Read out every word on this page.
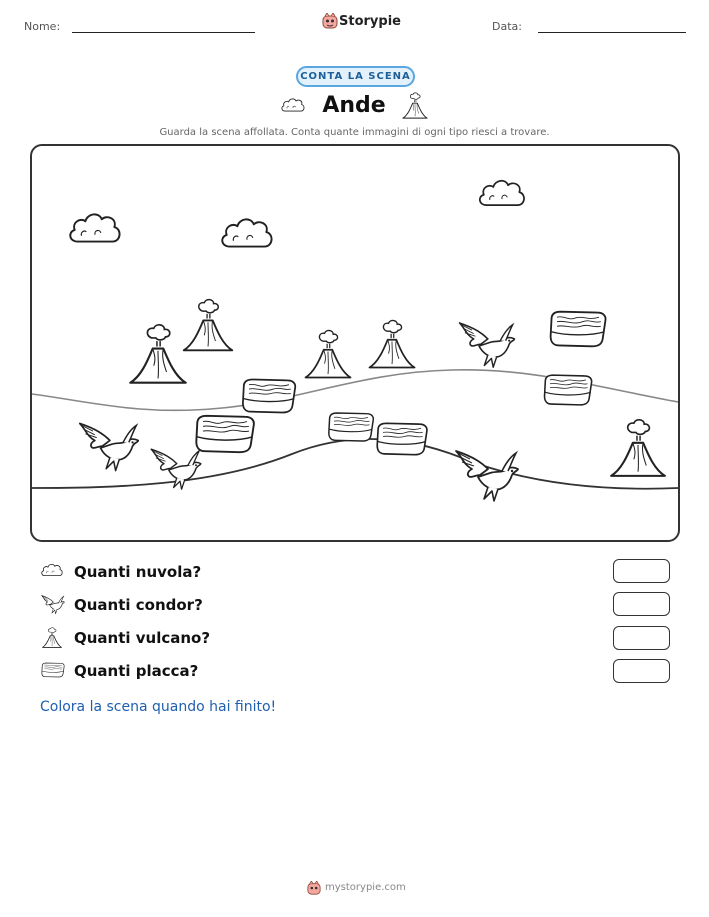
Nome:	Storypie	Data:
CONTA LA SCENA
Ande
Guarda la scena affollata. Conta quante immagini di ogni tipo riesci a trovare.
Quanti nuvola?
Quanti condor?
Quanti vulcano?
Quanti placca?
Colora la scena quando hai finito!
mystorypie.com
